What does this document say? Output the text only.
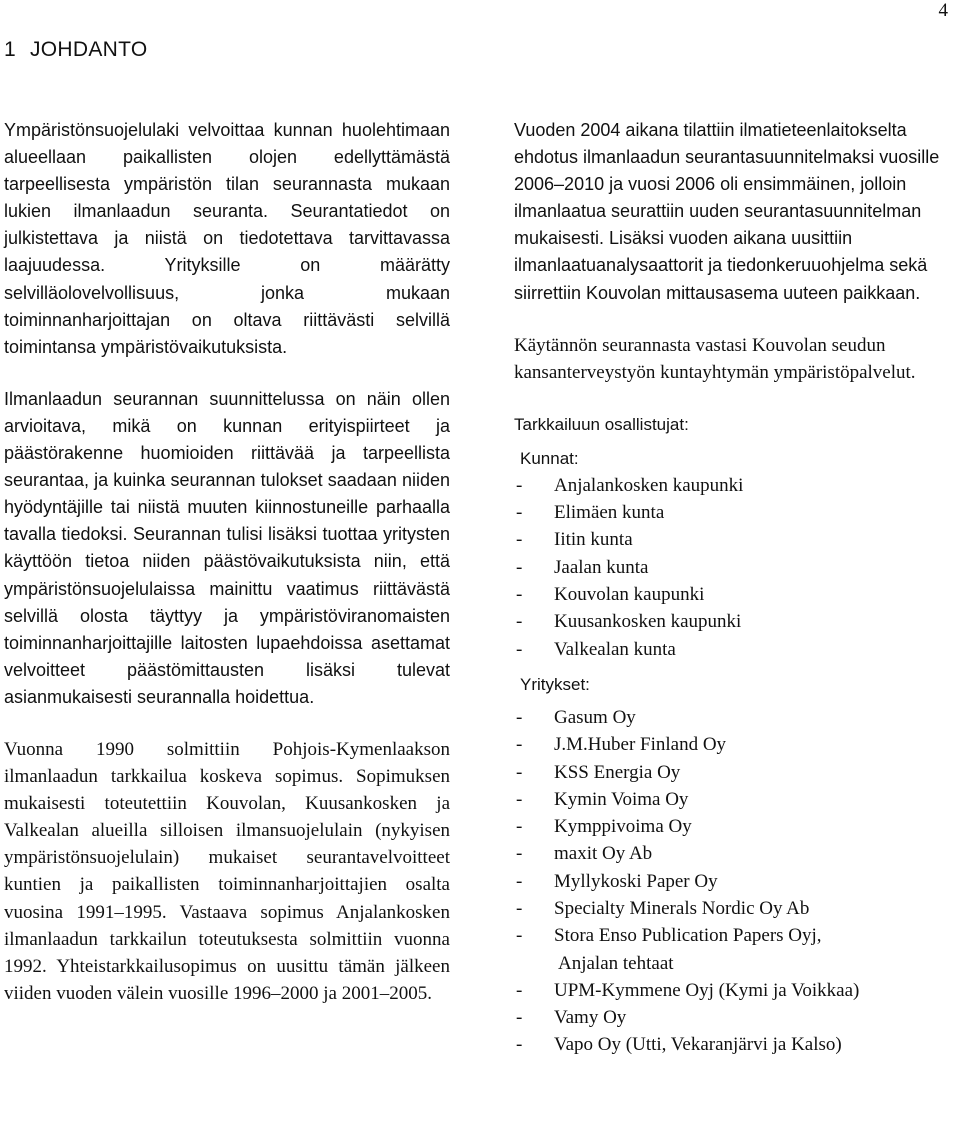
4
1 JOHDANTO

Ympäristönsuojelulaki velvoittaa kunnan huolehtimaan alueellaan paikallisten olojen edellyttämästä tarpeellisesta ympäristön tilan seurannasta mukaan lukien ilmanlaadun seuranta. Seurantatiedot on julkistettava ja niistä on tiedotettava tarvittavassa laajuudessa. Yrityksille on määrätty selvilläolovelvollisuus, jonka mukaan toiminnanharjoittajan on oltava riittävästi selvillä toimintansa ympäristövaikutuksista.

Ilmanlaadun seurannan suunnittelussa on näin ollen arvioitava, mikä on kunnan erityispiirteet ja päästörakenne huomioiden riittävää ja tarpeellista seurantaa, ja kuinka seurannan tulokset saadaan niiden hyödyntäjille tai niistä muuten kiinnostuneille parhaalla tavalla tiedoksi. Seurannan tulisi lisäksi tuottaa yritysten käyttöön tietoa niiden päästövaikutuksista niin, että ympäristönsuojelulaissa mainittu vaatimus riittävästä selvillä olosta täyttyy ja ympäristöviranomaisten toiminnanharjoittajille laitosten lupaehdoissa asettamat velvoitteet päästömittausten lisäksi tulevat asianmukaisesti seurannalla hoidettua.

Vuonna 1990 solmittiin Pohjois-Kymenlaakson ilmanlaadun tarkkailua koskeva sopimus. Sopimuksen mukaisesti toteutettiin Kouvolan, Kuusankosken ja Valkealan alueilla silloisen ilmansuojelulain (nykyisen ympäristönsuojelulain) mukaiset seurantavelvoitteet kuntien ja paikallisten toiminnanharjoittajien osalta vuosina 1991–1995. Vastaava sopimus Anjalankosken ilmanlaadun tarkkailun toteutuksesta solmittiin vuonna 1992. Yhteistarkkailusopimus on uusittu tämän jälkeen viiden vuoden välein vuosille 1996–2000 ja 2001–2005.

Vuoden 2004 aikana tilattiin ilmatieteenlaitokselta ehdotus ilmanlaadun seurantasuunnitelmaksi vuosille 2006–2010 ja vuosi 2006 oli ensimmäinen, jolloin ilmanlaatua seurattiin uuden seurantasuunnitelman mukaisesti. Lisäksi vuoden aikana uusittiin ilmanlaatuanalysaattorit ja tiedonkeruuohjelma sekä siirrettiin Kouvolan mittausasema uuteen paikkaan.

Käytännön seurannasta vastasi Kouvolan seudun kansanterveystyön kuntayhtymän ympäristöpalvelut.

Tarkkailuun osallistujat:

Kunnat:

- Anjalankosken kaupunki
- Elimäen kunta
- Iitin kunta
- Jaalan kunta
- Kouvolan kaupunki
- Kuusankosken kaupunki
- Valkealan kunta

Yritykset:

- Gasum Oy
- J.M.Huber Finland Oy
- KSS Energia Oy
- Kymin Voima Oy
- Kymppivoima Oy
- maxit Oy Ab
- Myllykoski Paper Oy
- Specialty Minerals Nordic Oy Ab
- Stora Enso Publication Papers Oyj,
Anjalan tehtaat
- UPM-Kymmene Oyj (Kymi ja Voikkaa)
- Vamy Oy
- Vapo Oy (Utti, Vekaranjärvi ja Kalso)
